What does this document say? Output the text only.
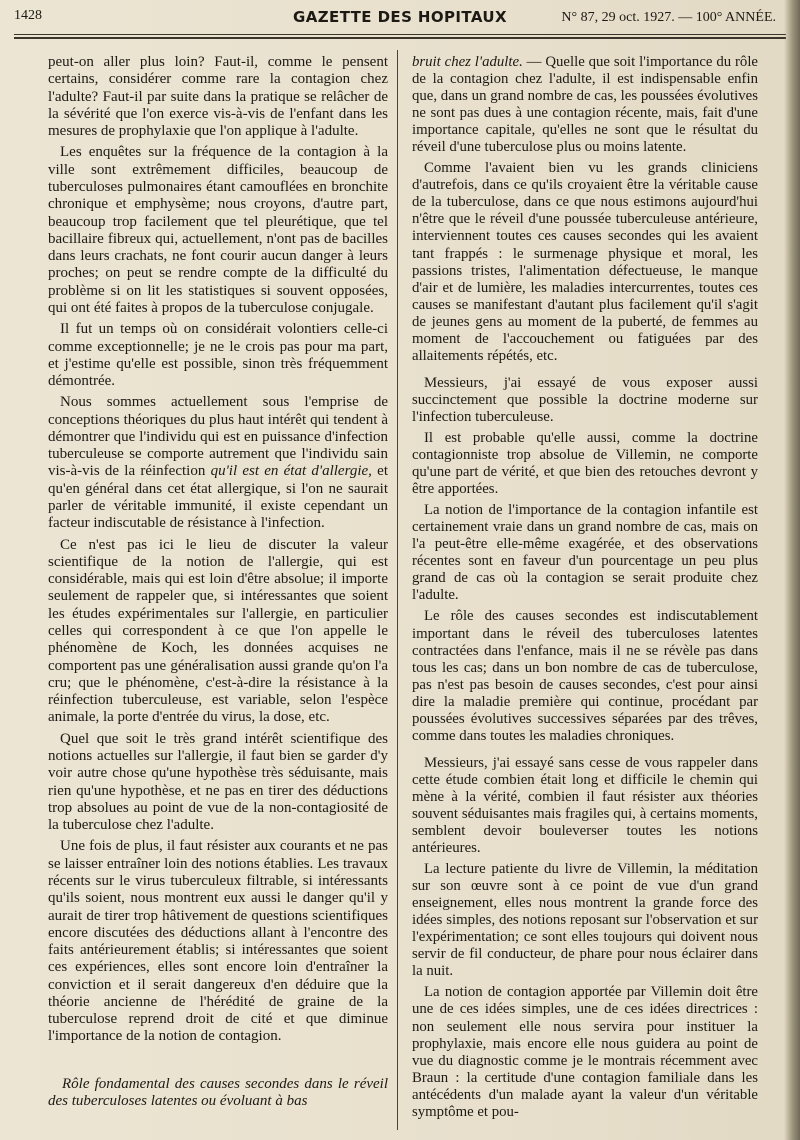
1428	GAZETTE DES HOPITAUX	N° 87, 29 oct. 1927. — 100° ANNÉE.

peut-on aller plus loin? Faut-il, comme le pensent certains, considérer comme rare la contagion chez l'adulte? Faut-il par suite dans la pratique se relâcher de la sévérité que l'on exerce vis-à-vis de l'enfant dans les mesures de prophylaxie que l'on applique à l'adulte.

Les enquêtes sur la fréquence de la contagion à la ville sont extrêmement difficiles, beaucoup de tuberculoses pulmonaires étant camouflées en bronchite chronique et emphysème; nous croyons, d'autre part, beaucoup trop facilement que tel pleurétique, que tel bacillaire fibreux qui, actuellement, n'ont pas de bacilles dans leurs crachats, ne font courir aucun danger à leurs proches; on peut se rendre compte de la difficulté du problème si on lit les statistiques si souvent opposées, qui ont été faites à propos de la tuberculose conjugale.

Il fut un temps où on considérait volontiers celle-ci comme exceptionnelle; je ne le crois pas pour ma part, et j'estime qu'elle est possible, sinon très fréquemment démontrée.

Nous sommes actuellement sous l'emprise de conceptions théoriques du plus haut intérêt qui tendent à démontrer que l'individu qui est en puissance d'infection tuberculeuse se comporte autrement que l'individu sain vis-à-vis de la réinfection qu'il est en état d'allergie, et qu'en général dans cet état allergique, si l'on ne saurait parler de véritable immunité, il existe cependant un facteur indiscutable de résistance à l'infection.

Ce n'est pas ici le lieu de discuter la valeur scientifique de la notion de l'allergie, qui est considérable, mais qui est loin d'être absolue; il importe seulement de rappeler que, si intéressantes que soient les études expérimentales sur l'allergie, en particulier celles qui correspondent à ce que l'on appelle le phénomène de Koch, les données acquises ne comportent pas une généralisation aussi grande qu'on l'a cru; que le phénomène, c'est-à-dire la résistance à la réinfection tuberculeuse, est variable, selon l'espèce animale, la porte d'entrée du virus, la dose, etc.

Quel que soit le très grand intérêt scientifique des notions actuelles sur l'allergie, il faut bien se garder d'y voir autre chose qu'une hypothèse très séduisante, mais rien qu'une hypothèse, et ne pas en tirer des déductions trop absolues au point de vue de la non-contagiosité de la tuberculose chez l'adulte.

Une fois de plus, il faut résister aux courants et ne pas se laisser entraîner loin des notions établies. Les travaux récents sur le virus tuberculeux filtrable, si intéressants qu'ils soient, nous montrent eux aussi le danger qu'il y aurait de tirer trop hâtivement de questions scientifiques encore discutées des déductions allant à l'encontre des faits antérieurement établis; si intéressantes que soient ces expériences, elles sont encore loin d'entraîner la conviction et il serait dangereux d'en déduire que la théorie ancienne de l'hérédité de graine de la tuberculose reprend droit de cité et que diminue l'importance de la notion de contagion.

Rôle fondamental des causes secondes dans le réveil des tuberculoses latentes ou évoluant à bas

bruit chez l'adulte. — Quelle que soit l'importance du rôle de la contagion chez l'adulte, il est indispensable enfin que, dans un grand nombre de cas, les poussées évolutives ne sont pas dues à une contagion récente, mais, fait d'une importance capitale, qu'elles ne sont que le résultat du réveil d'une tuberculose plus ou moins latente.

Comme l'avaient bien vu les grands cliniciens d'autrefois, dans ce qu'ils croyaient être la véritable cause de la tuberculose, dans ce que nous estimons aujourd'hui n'être que le réveil d'une poussée tuberculeuse antérieure, interviennent toutes ces causes secondes qui les avaient tant frappés : le surmenage physique et moral, les passions tristes, l'alimentation défectueuse, le manque d'air et de lumière, les maladies intercurrentes, toutes ces causes se manifestant d'autant plus facilement qu'il s'agit de jeunes gens au moment de la puberté, de femmes au moment de l'accouchement ou fatiguées par des allaitements répétés, etc.

Messieurs, j'ai essayé de vous exposer aussi succinctement que possible la doctrine moderne sur l'infection tuberculeuse.

Il est probable qu'elle aussi, comme la doctrine contagionniste trop absolue de Villemin, ne comporte qu'une part de vérité, et que bien des retouches devront y être apportées.

La notion de l'importance de la contagion infantile est certainement vraie dans un grand nombre de cas, mais on l'a peut-être elle-même exagérée, et des observations récentes sont en faveur d'un pourcentage un peu plus grand de cas où la contagion se serait produite chez l'adulte.

Le rôle des causes secondes est indiscutablement important dans le réveil des tuberculoses latentes contractées dans l'enfance, mais il ne se révèle pas dans tous les cas; dans un bon nombre de cas de tuberculose, pas n'est pas besoin de causes secondes, c'est pour ainsi dire la maladie première qui continue, procédant par poussées évolutives successives séparées par des trêves, comme dans toutes les maladies chroniques.

Messieurs, j'ai essayé sans cesse de vous rappeler dans cette étude combien était long et difficile le chemin qui mène à la vérité, combien il faut résister aux théories souvent séduisantes mais fragiles qui, à certains moments, semblent devoir bouleverser toutes les notions antérieures.

La lecture patiente du livre de Villemin, la méditation sur son œuvre sont à ce point de vue d'un grand enseignement, elles nous montrent la grande force des idées simples, des notions reposant sur l'observation et sur l'expérimentation; ce sont elles toujours qui doivent nous servir de fil conducteur, de phare pour nous éclairer dans la nuit.

La notion de contagion apportée par Villemin doit être une de ces idées simples, une de ces idées directrices : non seulement elle nous servira pour instituer la prophylaxie, mais encore elle nous guidera au point de vue du diagnostic comme je le montrais récemment avec Braun : la certitude d'une contagion familiale dans les antécédents d'un malade ayant la valeur d'un véritable symptôme et pou-
